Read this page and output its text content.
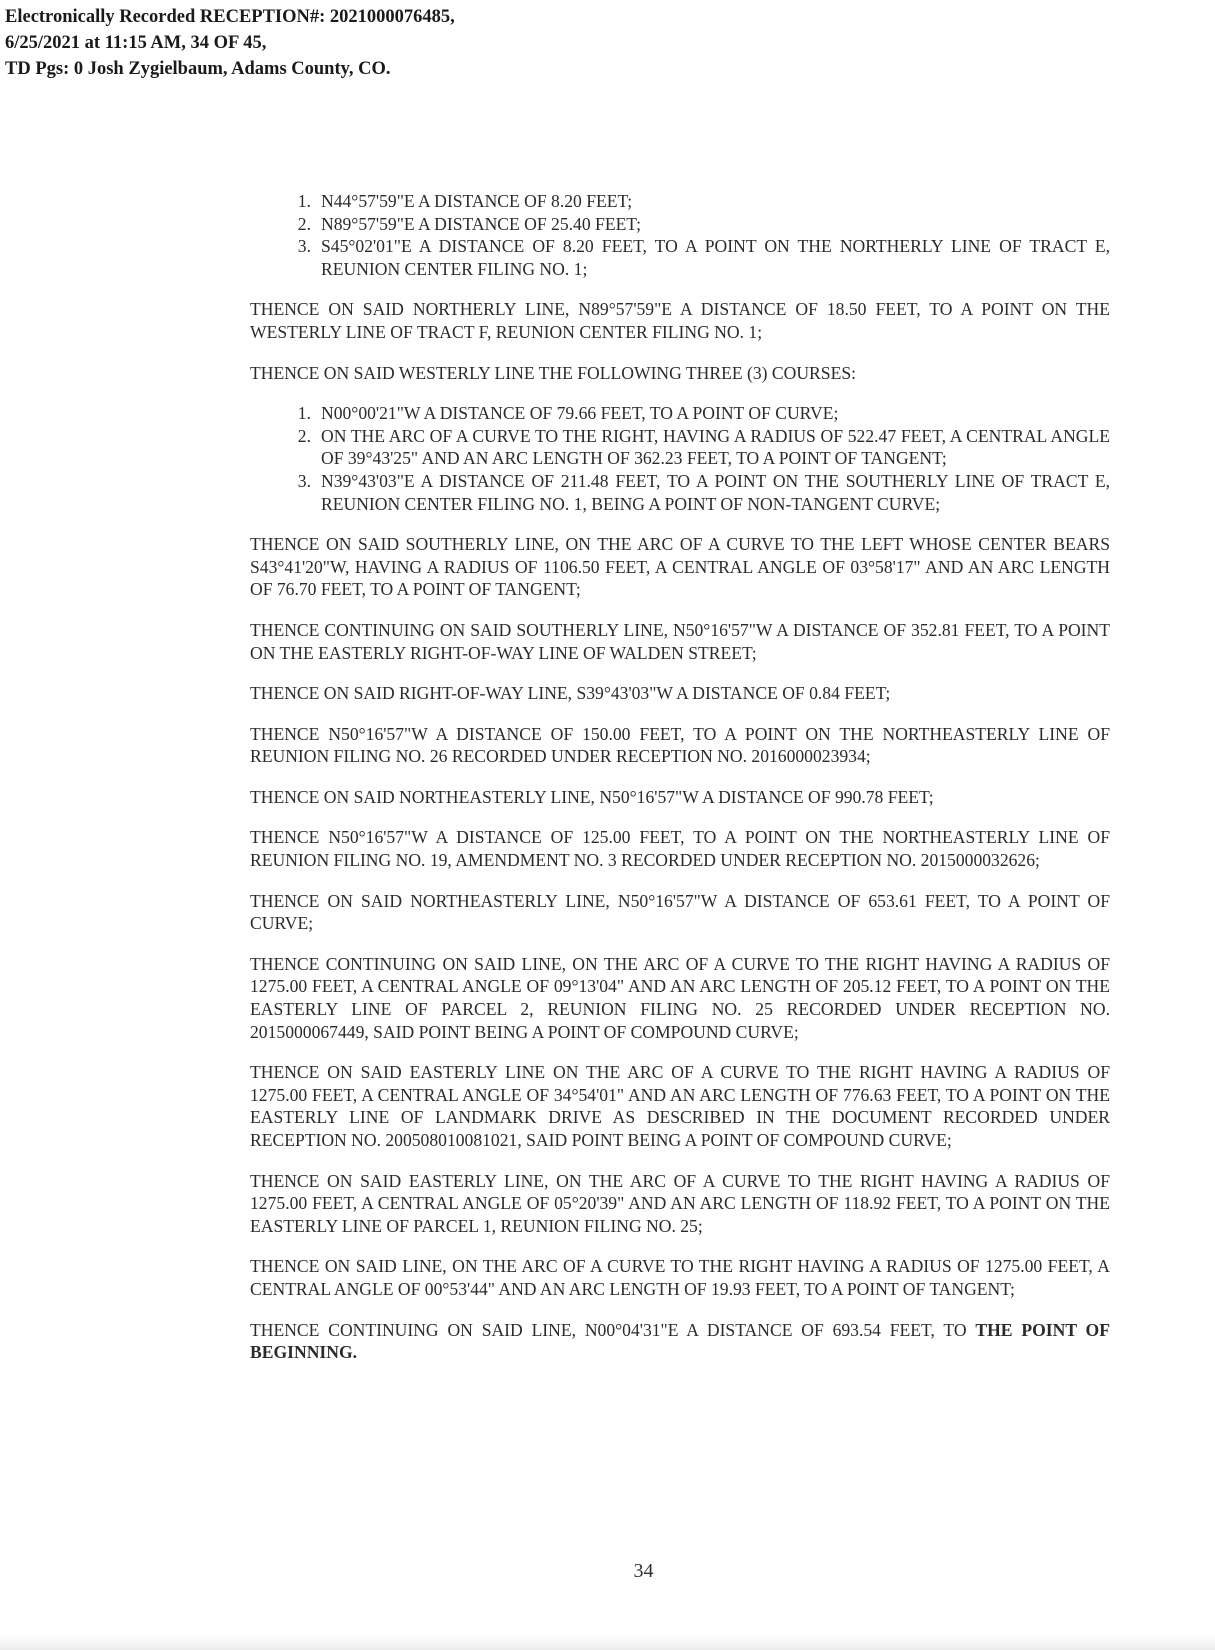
Electronically Recorded RECEPTION#: 2021000076485,
6/25/2021 at 11:15 AM, 34 OF 45,
TD Pgs: 0 Josh Zygielbaum, Adams County, CO.
1. N44°57'59"E A DISTANCE OF 8.20 FEET;
2. N89°57'59"E A DISTANCE OF 25.40 FEET;
3. S45°02'01"E A DISTANCE OF 8.20 FEET, TO A POINT ON THE NORTHERLY LINE OF TRACT E, REUNION CENTER FILING NO. 1;

THENCE ON SAID NORTHERLY LINE, N89°57'59"E A DISTANCE OF 18.50 FEET, TO A POINT ON THE WESTERLY LINE OF TRACT F, REUNION CENTER FILING NO. 1;

THENCE ON SAID WESTERLY LINE THE FOLLOWING THREE (3) COURSES:

1. N00°00'21"W A DISTANCE OF 79.66 FEET, TO A POINT OF CURVE;
2. ON THE ARC OF A CURVE TO THE RIGHT, HAVING A RADIUS OF 522.47 FEET, A CENTRAL ANGLE OF 39°43'25" AND AN ARC LENGTH OF 362.23 FEET, TO A POINT OF TANGENT;
3. N39°43'03"E A DISTANCE OF 211.48 FEET, TO A POINT ON THE SOUTHERLY LINE OF TRACT E, REUNION CENTER FILING NO. 1, BEING A POINT OF NON-TANGENT CURVE;

THENCE ON SAID SOUTHERLY LINE, ON THE ARC OF A CURVE TO THE LEFT WHOSE CENTER BEARS S43°41'20"W, HAVING A RADIUS OF 1106.50 FEET, A CENTRAL ANGLE OF 03°58'17" AND AN ARC LENGTH OF 76.70 FEET, TO A POINT OF TANGENT;

THENCE CONTINUING ON SAID SOUTHERLY LINE, N50°16'57"W A DISTANCE OF 352.81 FEET, TO A POINT ON THE EASTERLY RIGHT-OF-WAY LINE OF WALDEN STREET;

THENCE ON SAID RIGHT-OF-WAY LINE, S39°43'03"W A DISTANCE OF 0.84 FEET;

THENCE N50°16'57"W A DISTANCE OF 150.00 FEET, TO A POINT ON THE NORTHEASTERLY LINE OF REUNION FILING NO. 26 RECORDED UNDER RECEPTION NO. 2016000023934;

THENCE ON SAID NORTHEASTERLY LINE, N50°16'57"W A DISTANCE OF 990.78 FEET;

THENCE N50°16'57"W A DISTANCE OF 125.00 FEET, TO A POINT ON THE NORTHEASTERLY LINE OF REUNION FILING NO. 19, AMENDMENT NO. 3 RECORDED UNDER RECEPTION NO. 2015000032626;

THENCE ON SAID NORTHEASTERLY LINE, N50°16'57"W A DISTANCE OF 653.61 FEET, TO A POINT OF CURVE;

THENCE CONTINUING ON SAID LINE, ON THE ARC OF A CURVE TO THE RIGHT HAVING A RADIUS OF 1275.00 FEET, A CENTRAL ANGLE OF 09°13'04" AND AN ARC LENGTH OF 205.12 FEET, TO A POINT ON THE EASTERLY LINE OF PARCEL 2, REUNION FILING NO. 25 RECORDED UNDER RECEPTION NO. 2015000067449, SAID POINT BEING A POINT OF COMPOUND CURVE;

THENCE ON SAID EASTERLY LINE ON THE ARC OF A CURVE TO THE RIGHT HAVING A RADIUS OF 1275.00 FEET, A CENTRAL ANGLE OF 34°54'01" AND AN ARC LENGTH OF 776.63 FEET, TO A POINT ON THE EASTERLY LINE OF LANDMARK DRIVE AS DESCRIBED IN THE DOCUMENT RECORDED UNDER RECEPTION NO. 200508010081021, SAID POINT BEING A POINT OF COMPOUND CURVE;

THENCE ON SAID EASTERLY LINE, ON THE ARC OF A CURVE TO THE RIGHT HAVING A RADIUS OF 1275.00 FEET, A CENTRAL ANGLE OF 05°20'39" AND AN ARC LENGTH OF 118.92 FEET, TO A POINT ON THE EASTERLY LINE OF PARCEL 1, REUNION FILING NO. 25;

THENCE ON SAID LINE, ON THE ARC OF A CURVE TO THE RIGHT HAVING A RADIUS OF 1275.00 FEET, A CENTRAL ANGLE OF 00°53'44" AND AN ARC LENGTH OF 19.93 FEET, TO A POINT OF TANGENT;

THENCE CONTINUING ON SAID LINE, N00°04'31"E A DISTANCE OF 693.54 FEET, TO THE POINT OF BEGINNING.

34
